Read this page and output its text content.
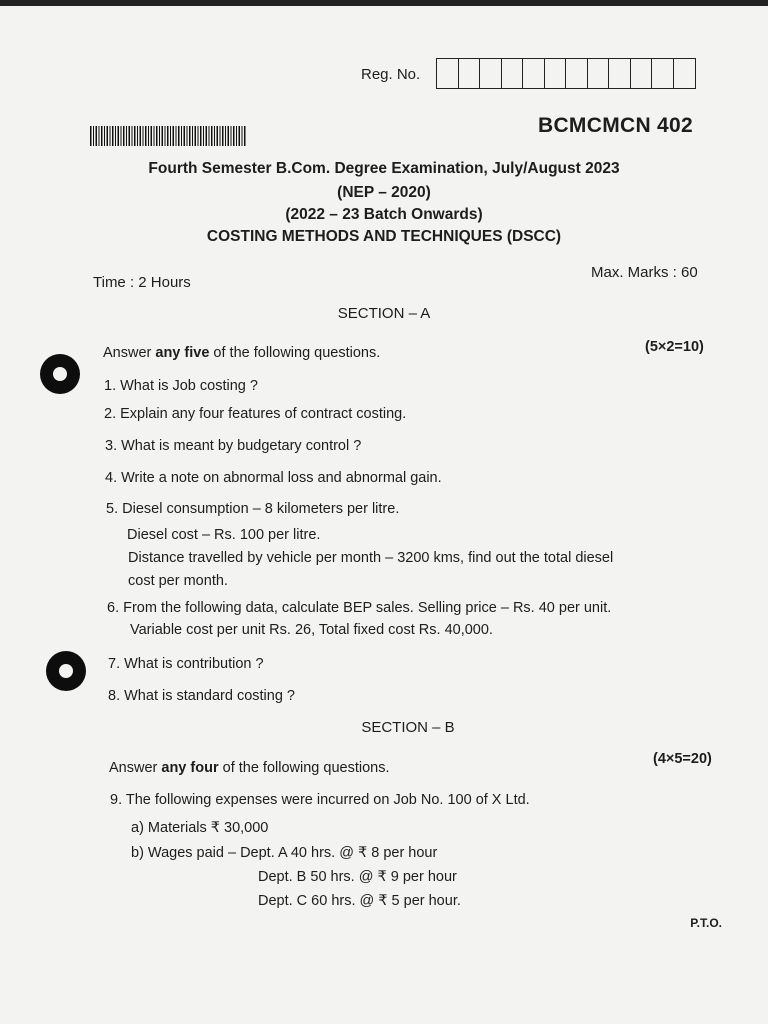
Reg. No.
BCMCMCN 402
Fourth Semester B.Com. Degree Examination, July/August 2023
(NEP – 2020)
(2022 – 23 Batch Onwards)
COSTING METHODS AND TECHNIQUES (DSCC)
Time : 2 Hours
Max. Marks : 60
SECTION – A
Answer any five of the following questions.	(5×2=10)
1. What is Job costing ?
2. Explain any four features of contract costing.
3. What is meant by budgetary control ?
4. Write a note on abnormal loss and abnormal gain.
5. Diesel consumption – 8 kilometers per litre.
Diesel cost – Rs. 100 per litre.
Distance travelled by vehicle per month – 3200 kms, find out the total diesel
cost per month.
6. From the following data, calculate BEP sales. Selling price – Rs. 40 per unit.
Variable cost per unit Rs. 26, Total fixed cost Rs. 40,000.
7. What is contribution ?
8. What is standard costing ?
SECTION – B
Answer any four of the following questions.
(4×5=20)
9. The following expenses were incurred on Job No. 100 of X Ltd.
a) Materials ₹ 30,000
b) Wages paid – Dept. A 40 hrs. @ ₹ 8 per hour
Dept. B 50 hrs. @ ₹ 9 per hour
Dept. C 60 hrs. @ ₹ 5 per hour.
P.T.O.
